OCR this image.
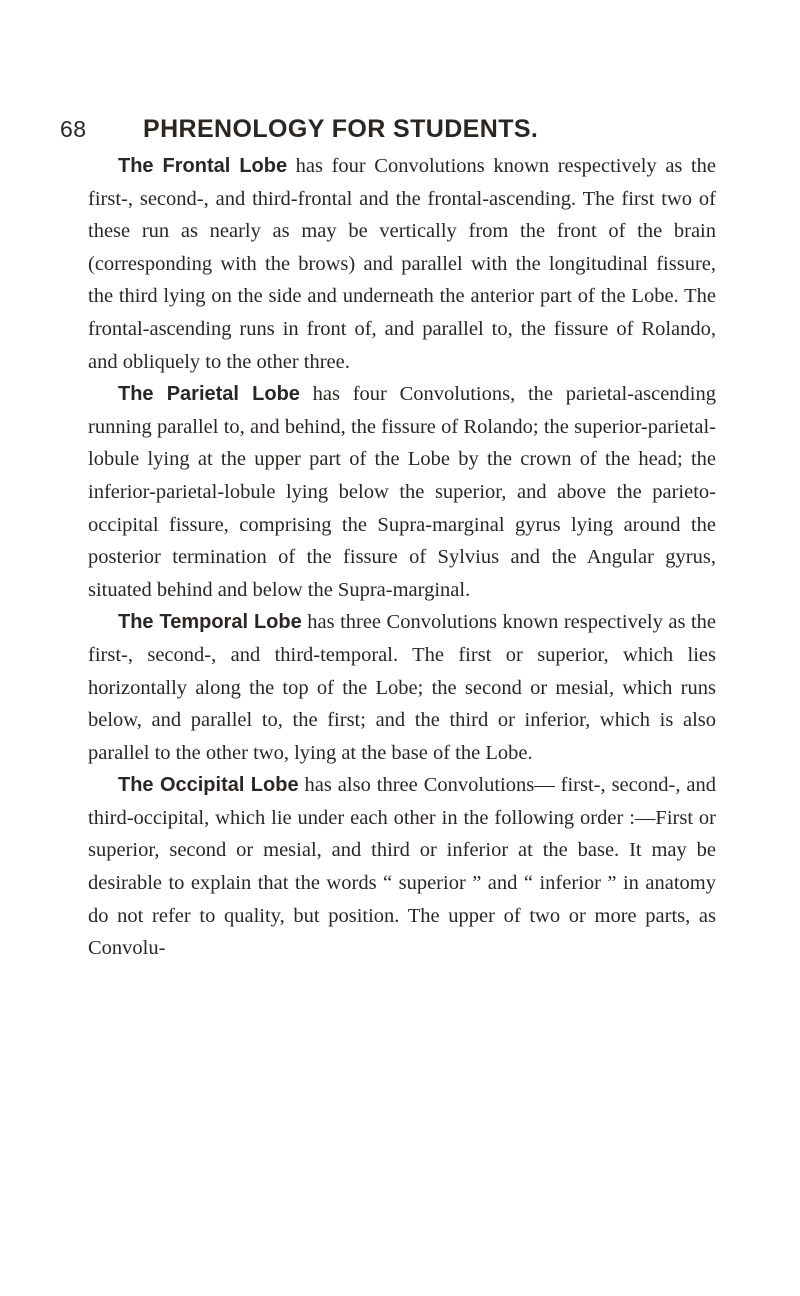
68 PHRENOLOGY FOR STUDENTS.

The Frontal Lobe has four Convolutions known respectively as the first-, second-, and third-frontal and the frontal-ascending. The first two of these run as nearly as may be vertically from the front of the brain (corresponding with the brows) and parallel with the longitudinal fissure, the third lying on the side and underneath the anterior part of the Lobe. The frontal-ascending runs in front of, and parallel to, the fissure of Rolando, and obliquely to the other three.

The Parietal Lobe has four Convolutions, the parietal-ascending running parallel to, and behind, the fissure of Rolando; the superior-parietal-lobule lying at the upper part of the Lobe by the crown of the head; the inferior-parietal-lobule lying below the superior, and above the parieto-occipital fissure, comprising the Supra-marginal gyrus lying around the posterior termination of the fissure of Sylvius and the Angular gyrus, situated behind and below the Supra-marginal.

The Temporal Lobe has three Convolutions known respectively as the first-, second-, and third-temporal. The first or superior, which lies horizontally along the top of the Lobe; the second or mesial, which runs below, and parallel to, the first; and the third or inferior, which is also parallel to the other two, lying at the base of the Lobe.

The Occipital Lobe has also three Convolutions— first-, second-, and third-occipital, which lie under each other in the following order :—First or superior, second or mesial, and third or inferior at the base. It may be desirable to explain that the words “ superior ” and “ inferior ” in anatomy do not refer to quality, but position. The upper of two or more parts, as Convolu-
